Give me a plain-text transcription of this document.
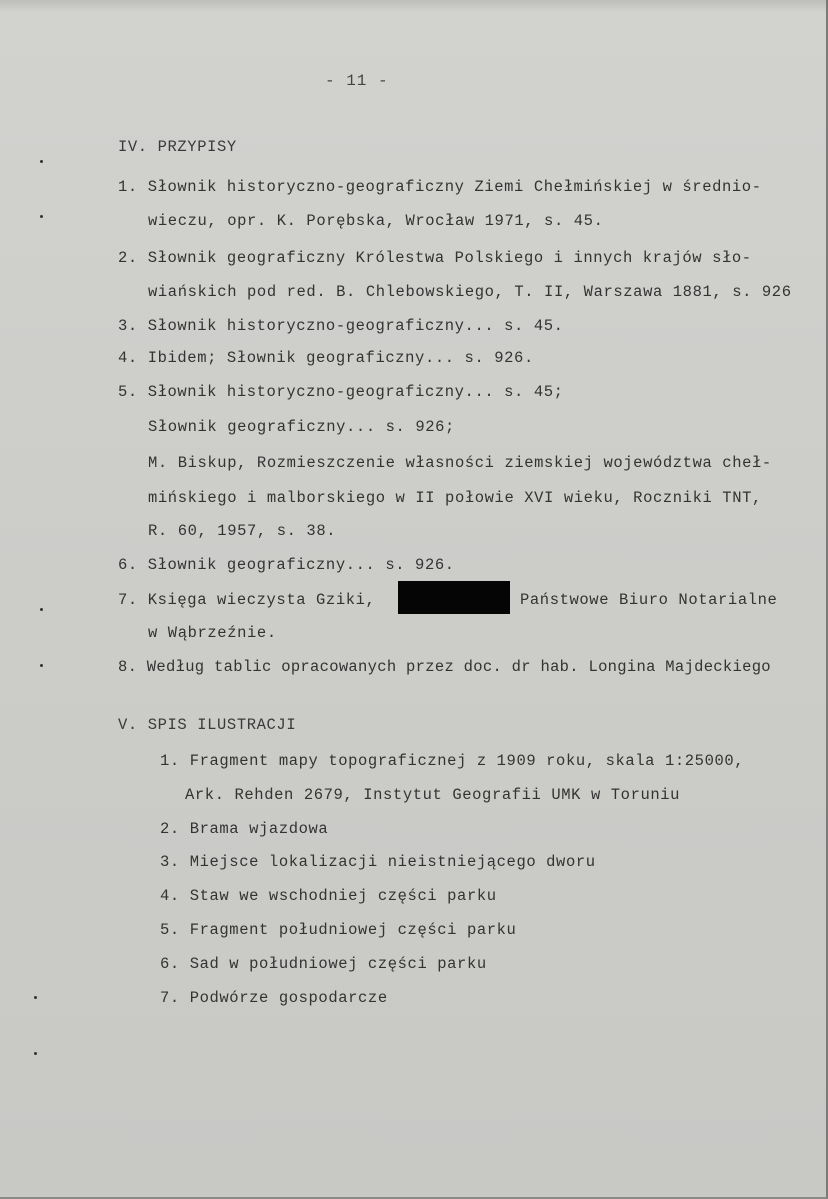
- 11 -
IV. PRZYPISY
1. Słownik historyczno-geograficzny Ziemi Chełmińskiej w średnio-
wieczu, opr. K. Porębska, Wrocław 1971, s. 45.
2. Słownik geograficzny Królestwa Polskiego i innych krajów sło-
wiańskich pod red. B. Chlebowskiego, T. II, Warszawa 1881, s. 926
3. Słownik historyczno-geograficzny... s. 45.
4. Ibidem; Słownik geograficzny... s. 926.
5. Słownik historyczno-geograficzny... s. 45;
Słownik geograficzny... s. 926;
M. Biskup, Rozmieszczenie własności ziemskiej województwa cheł-
mińskiego i malborskiego w II połowie XVI wieku, Roczniki TNT,
R. 60, 1957, s. 38.
6. Słownik geograficzny... s. 926.
7. Księga wieczysta Gziki,	Państwowe Biuro Notarialne
w Wąbrzeźnie.
8. Według tablic opracowanych przez doc. dr hab. Longina Majdeckiego
V. SPIS ILUSTRACJI
1. Fragment mapy topograficznej z 1909 roku, skala 1:25000,
Ark. Rehden 2679, Instytut Geografii UMK w Toruniu
2. Brama wjazdowa
3. Miejsce lokalizacji nieistniejącego dworu
4. Staw we wschodniej części parku
5. Fragment południowej części parku
6. Sad w południowej części parku
7. Podwórze gospodarcze
